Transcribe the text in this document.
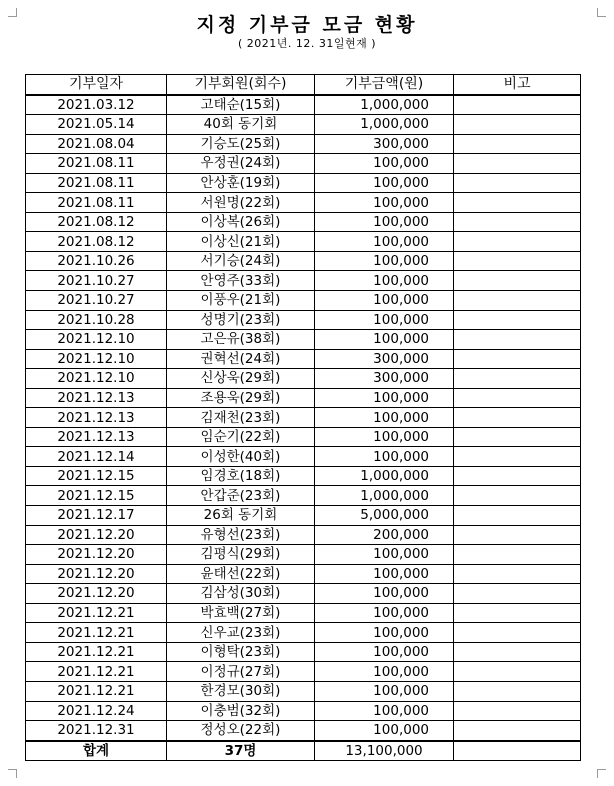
지정 기부금 모금 현황
( 2021년. 12. 31일현재 )
기부일자	기부회원(회수)	기부금액(원)	비고
2021.03.12	고태순(15회)	1,000,000	
2021.05.14	40회 동기회	1,000,000	
2021.08.04	기승도(25회)	300,000	
2021.08.11	우정권(24회)	100,000	
2021.08.11	안상훈(19회)	100,000	
2021.08.11	서원명(22회)	100,000	
2021.08.12	이상복(26회)	100,000	
2021.08.12	이상신(21회)	100,000	
2021.10.26	서기승(24회)	100,000	
2021.10.27	안영주(33회)	100,000	
2021.10.27	이풍우(21회)	100,000	
2021.10.28	성명기(23회)	100,000	
2021.12.10	고은유(38회)	100,000	
2021.12.10	권혁선(24회)	300,000	
2021.12.10	신상욱(29회)	300,000	
2021.12.13	조용욱(29회)	100,000	
2021.12.13	김재천(23회)	100,000	
2021.12.13	임순기(22회)	100,000	
2021.12.14	이성한(40회)	100,000	
2021.12.15	임경호(18회)	1,000,000	
2021.12.15	안갑준(23회)	1,000,000	
2021.12.17	26회 동기회	5,000,000	
2021.12.20	유형선(23회)	200,000	
2021.12.20	김평식(29회)	100,000	
2021.12.20	윤태선(22회)	100,000	
2021.12.20	김삼성(30회)	100,000	
2021.12.21	박효백(27회)	100,000	
2021.12.21	신우교(23회)	100,000	
2021.12.21	이형탁(23회)	100,000	
2021.12.21	이정규(27회)	100,000	
2021.12.21	한경모(30회)	100,000	
2021.12.24	이충범(32회)	100,000	
2021.12.31	정성오(22회)	100,000	
합계	37명	13,100,000	
